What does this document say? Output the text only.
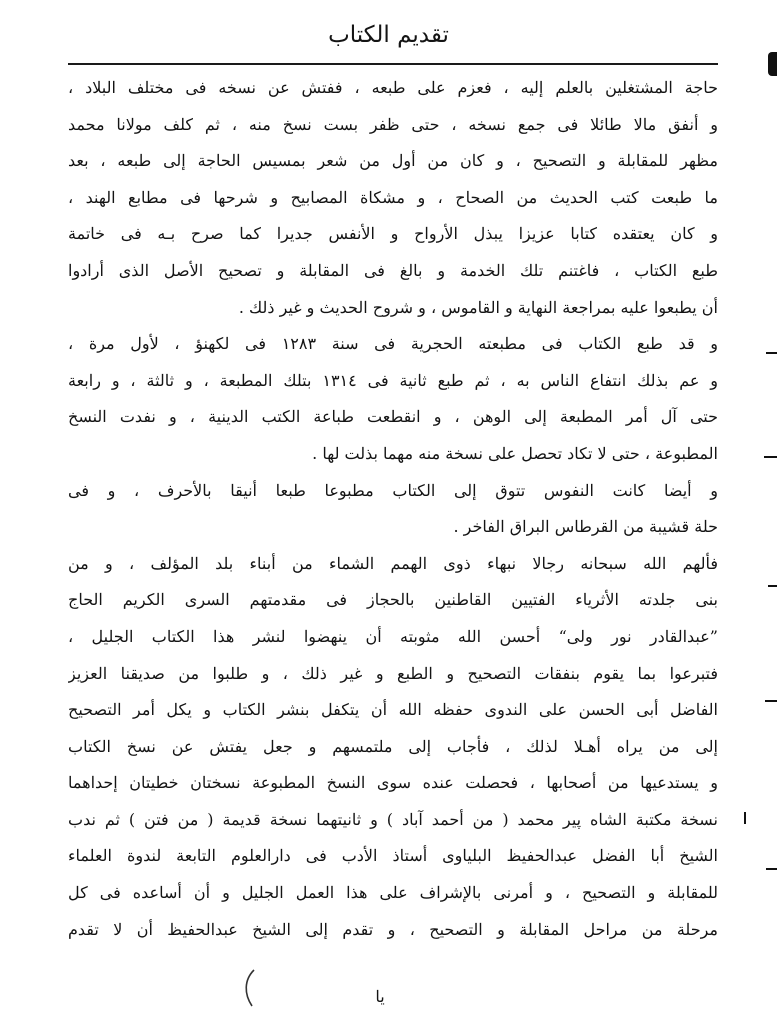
تقديم الكتاب

حاجة المشتغلين بالعلم إليه ، فعزم على طبعه ، ففتش عن نسخه فى مختلف البلاد ،

و أنفق مالا طائلا فى جمع نسخه ، حتى ظفر بست نسخ منه ، ثم كلف مولانا محمد

مظهر للمقابلة و التصحيح ، و كان من أول من شعر بمسيس الحاجة إلى طبعه ، بعد

ما طبعت كتب الحديث من الصحاح ، و مشكاة المصابيح و شرحها فى مطابع الهند ،

و كان يعتقده كتابا عزيزا يبذل الأرواح و الأنفس جديرا كما صرح بـه فى خاتمة

طبع الكتاب ، فاغتنم تلك الخدمة و بالغ فى المقابلة و تصحيح الأصل الذى أرادوا

أن يطبعوا عليه بمراجعة النهاية و القاموس ، و شروح الحديث و غير ذلك .

و قد طبع الكتاب فى مطبعته الحجرية فى سنة ١٢٨٣ فى لكهنؤ ، لأول مرة ،

و عم بذلك انتفاع الناس به ، ثم طبع ثانية فى ١٣١٤ بتلك المطبعة ، و ثالثة ، و رابعة

حتى آل أمر المطبعة إلى الوهن ، و انقطعت طباعة الكتب الدينية ، و نفدت النسخ

المطبوعة ، حتى لا تكاد تحصل على نسخة منه مهما بذلت لها .

و أيضا كانت النفوس تتوق إلى الكتاب مطبوعا طبعا أنيقا بالأحرف ، و فى

حلة قشيبة من القرطاس البراق الفاخر .

فألهم الله سبحانه رجالا نبهاء ذوى الهمم الشماء من أبناء بلد المؤلف ، و من

بنى جلدته الأثرياء الفتيين القاطنين بالحجاز فى مقدمتهم السرى الكريم الحاج

”عبدالقادر نور ولى“ أحسن الله مثوبته أن ينهضوا لنشر هذا الكتاب الجليل ،

فتبرعوا بما يقوم بنفقات التصحيح و الطبع و غير ذلك ، و طلبوا من صديقنا العزيز

الفاضل أبى الحسن على الندوى حفظه الله أن يتكفل بنشر الكتاب و يكل أمر التصحيح

إلى من يراه أهـلا لذلك ، فأجاب إلى ملتمسهم و جعل يفتش عن نسخ الكتاب

و يستدعيها من أصحابها ، فحصلت عنده سوى النسخ المطبوعة نسختان خطيتان إحداهما

نسخة مكتبة الشاه پير محمد ( من أحمد آباد ) و ثانيتهما نسخة قديمة ( من فتن ) ثم ندب

الشيخ أبا الفضل عبدالحفيظ البلياوى أستاذ الأدب فى دارالعلوم التابعة لندوة العلماء

للمقابلة و التصحيح ، و أمرنى بالإشراف على هذا العمل الجليل و أن أساعده فى كل

مرحلة من مراحل المقابلة و التصحيح ، و تقدم إلى الشيخ عبدالحفيظ أن لا تقدم

يا
